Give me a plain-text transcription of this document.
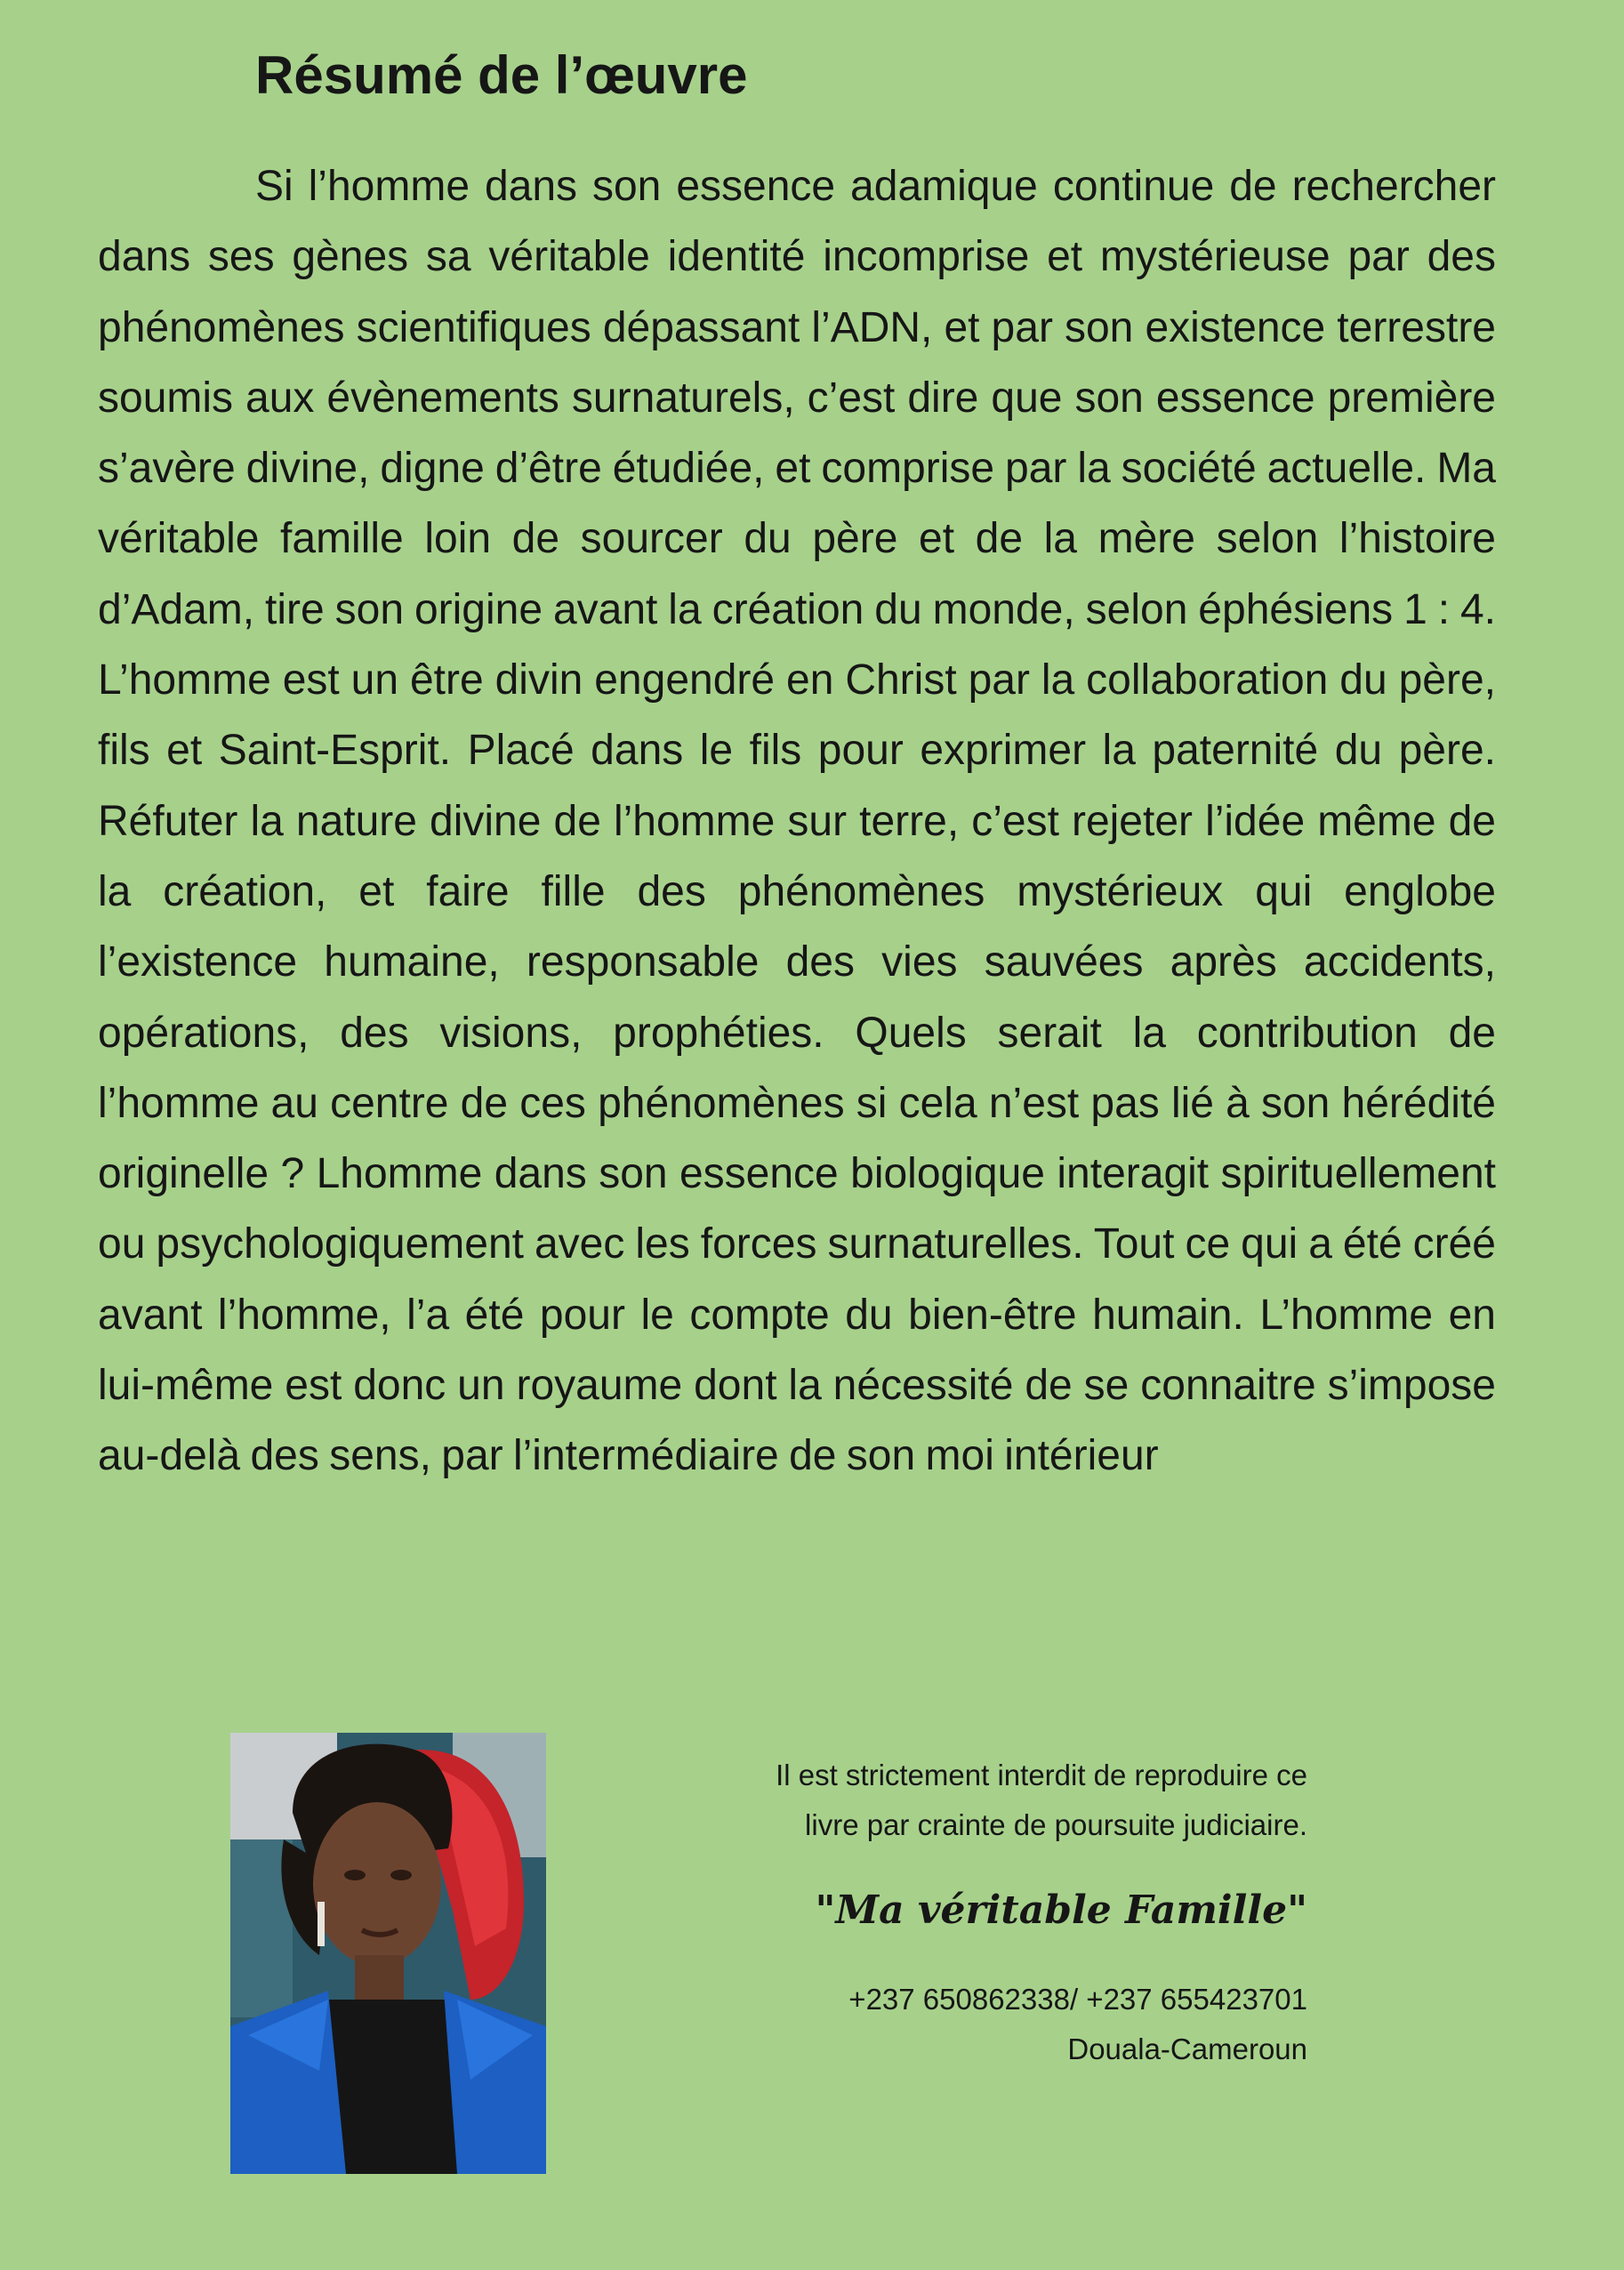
Résumé de l’œuvre

Si l’homme dans son essence adamique continue de rechercher dans ses gènes sa véritable identité incomprise et mystérieuse par des phénomènes scientifiques dépassant l’ADN, et par son existence terrestre soumis aux évènements surnaturels, c’est dire que son essence première s’avère divine, digne d’être étudiée, et comprise par la société actuelle. Ma véritable famille loin de sourcer du père et de la mère selon l’histoire d’Adam, tire son origine avant la création du monde, selon éphésiens 1 : 4. L’homme est un être divin engendré en Christ par la collaboration du père, fils et Saint-Esprit. Placé dans le fils pour exprimer la paternité du père. Réfuter la nature divine de l’homme sur terre, c’est rejeter l’idée même de la création, et faire fille des phénomènes mystérieux qui englobe l’existence humaine, responsable des vies sauvées après accidents, opérations, des visions, prophéties. Quels serait la contribution de l’homme au centre de ces phénomènes si cela n’est pas lié à son hérédité originelle ? Lhomme dans son essence biologique interagit spirituellement ou psychologiquement avec les forces surnaturelles. Tout ce qui a été créé avant l’homme, l’a été pour le compte du bien-être humain. L’homme en lui-même est donc un royaume dont la nécessité de se connaitre s’impose au-delà des sens, par l’intermédiaire de son moi intérieur

Il est strictement interdit de reproduire ce
livre par crainte de poursuite judiciaire.

"Ma véritable Famille"

+237 650862338/ +237 655423701
Douala-Cameroun
